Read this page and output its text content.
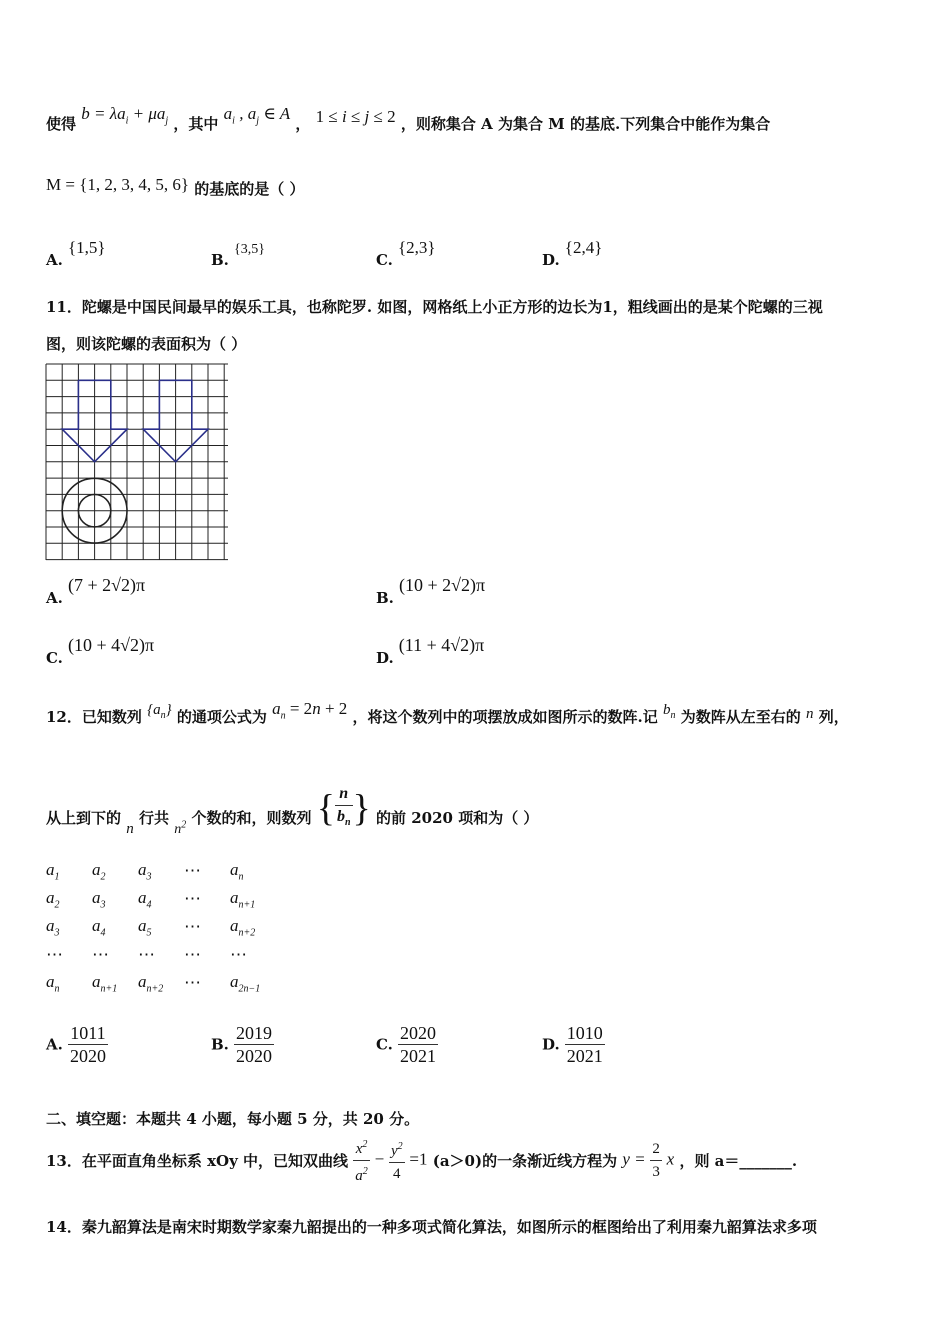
使得 $b = \lambda a_i + \mu a_j$ ，其中 $a_i$ , $a_j$ ∈ A ， 1 ≤ i ≤ j ≤ 2 ，则称集合 A 为集合 M 的基底.下列集合中能作为集合
M = {1, 2, 3, 4, 5, 6} 的基底的是（ ）
A. {1,5}
B. {3,5}
C. {2,3}
D. {2,4}
11．陀螺是中国民间最早的娱乐工具，也称陀罗. 如图，网格纸上小正方形的边长为1，粗线画出的是某个陀螺的三视
图，则该陀螺的表面积为（ ）
A. (7 + 2√2)π
B. (10 + 2√2)π
C. (10 + 4√2)π
D. (11 + 4√2)π
12．已知数列 $\{a_n\}$ 的通项公式为 $a_n = 2n + 2$ ，将这个数列中的项摆放成如图所示的数阵.记 $b_n$ 为数阵从左至右的 n 列，
从上到下的 n 行共 $n^2$ 个数的和，则数列 { $\frac{n}{b_n}$ } 的前 2020 项和为（ ）
$a_1$	$a_2$	$a_3$	⋯	$a_n$
$a_2$	$a_3$	$a_4$	⋯	$a_{n+1}$
$a_3$	$a_4$	$a_5$	⋯	$a_{n+2}$
⋯	⋯	⋯	⋯	⋯
$a_n$	$a_{n+1}$	$a_{n+2}$	⋯	$a_{2n-1}$
A. $\frac{1011}{2020}$	B. $\frac{2019}{2020}$	C. $\frac{2020}{2021}$	D. $\frac{1010}{2021}$
二、填空题：本题共 4 小题，每小题 5 分，共 20 分。
13．在平面直角坐标系 xOy 中，已知双曲线 $\frac{x^2}{a^2} - \frac{y^2}{4} =1$ (a＞0)的一条渐近线方程为 $y = \frac{2}{3}$ x ，则 a＝_______.
14．秦九韶算法是南宋时期数学家秦九韶提出的一种多项式简化算法，如图所示的框图给出了利用秦九韶算法求多项
